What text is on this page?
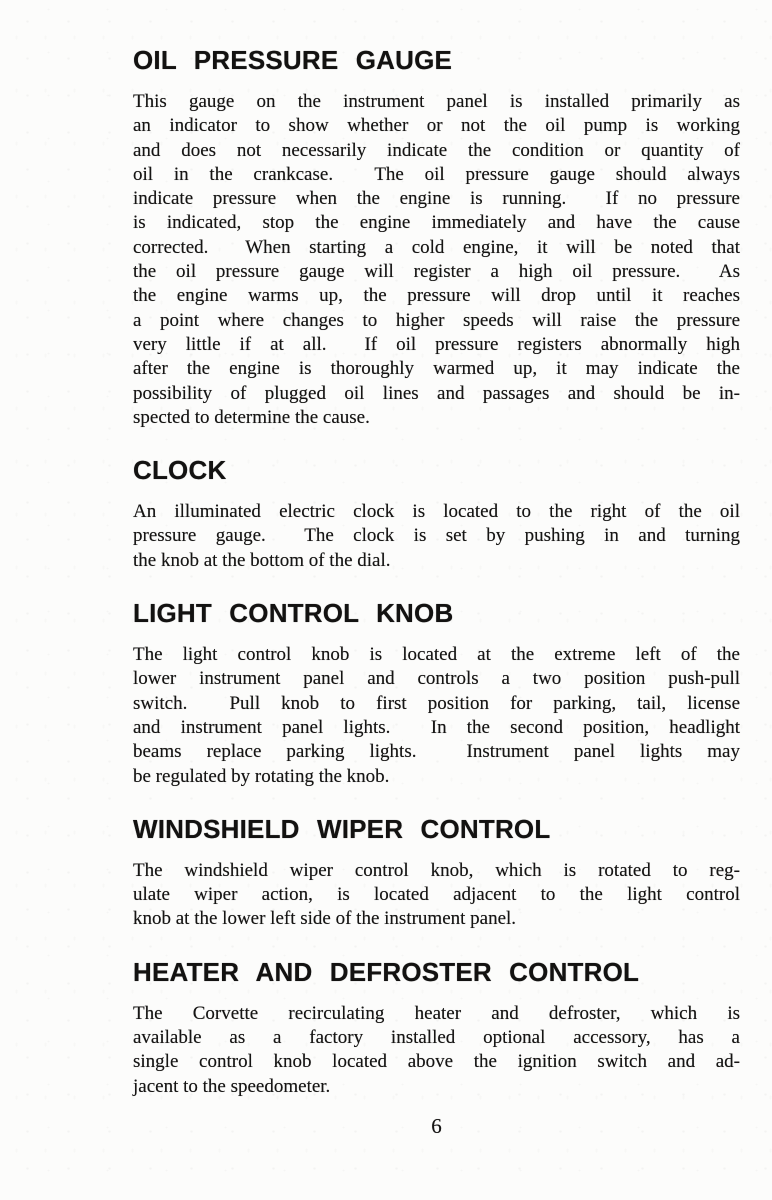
OIL PRESSURE GAUGE

This gauge on the instrument panel is installed primarily as
an indicator to show whether or not the oil pump is working
and does not necessarily indicate the condition or quantity of
oil in the crankcase.  The oil pressure gauge should always
indicate pressure when the engine is running.  If no pressure
is indicated, stop the engine immediately and have the cause
corrected.  When starting a cold engine, it will be noted that
the oil pressure gauge will register a high oil pressure.  As
the engine warms up, the pressure will drop until it reaches
a point where changes to higher speeds will raise the pressure
very little if at all.  If oil pressure registers abnormally high
after the engine is thoroughly warmed up, it may indicate the
possibility of plugged oil lines and passages and should be in-
spected to determine the cause.

CLOCK

An illuminated electric clock is located to the right of the oil
pressure gauge.  The clock is set by pushing in and turning
the knob at the bottom of the dial.

LIGHT CONTROL KNOB

The light control knob is located at the extreme left of the
lower instrument panel and controls a two position push-pull
switch.  Pull knob to first position for parking, tail, license
and instrument panel lights.  In the second position, headlight
beams replace parking lights.  Instrument panel lights may
be regulated by rotating the knob.

WINDSHIELD WIPER CONTROL

The windshield wiper control knob, which is rotated to reg-
ulate wiper action, is located adjacent to the light control
knob at the lower left side of the instrument panel.

HEATER AND DEFROSTER CONTROL

The Corvette recirculating heater and defroster, which is
available as a factory installed optional accessory, has a
single control knob located above the ignition switch and ad-
jacent to the speedometer.

6
